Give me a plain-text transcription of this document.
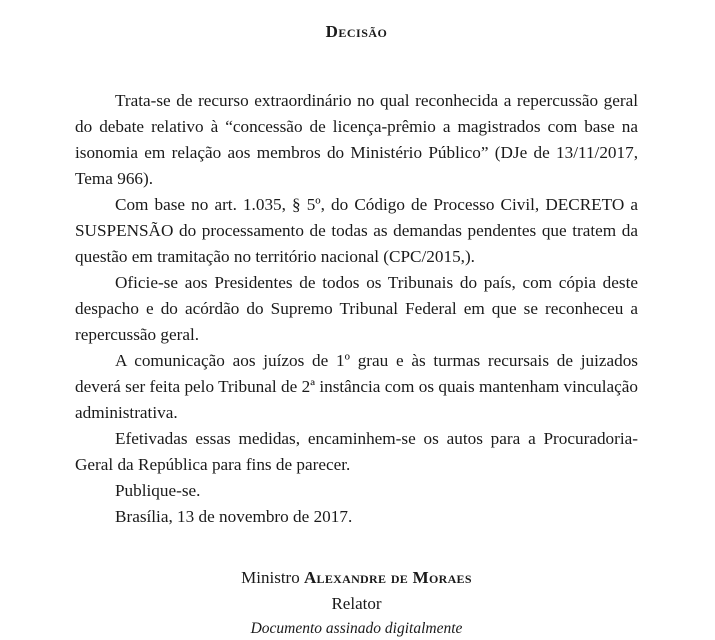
Decisão

Trata-se de recurso extraordinário no qual reconhecida a repercussão geral do debate relativo à “concessão de licença-prêmio a magistrados com base na isonomia em relação aos membros do Ministério Público” (DJe de 13/11/2017, Tema 966).

Com base no art. 1.035, § 5º, do Código de Processo Civil, DECRETO a SUSPENSÃO do processamento de todas as demandas pendentes que tratem da questão em tramitação no território nacional (CPC/2015,).

Oficie-se aos Presidentes de todos os Tribunais do país, com cópia deste despacho e do acórdão do Supremo Tribunal Federal em que se reconheceu a repercussão geral.

A comunicação aos juízos de 1º grau e às turmas recursais de juizados deverá ser feita pelo Tribunal de 2ª instância com os quais mantenham vinculação administrativa.

Efetivadas essas medidas, encaminhem-se os autos para a Procuradoria-Geral da República para fins de parecer.

Publique-se.

Brasília, 13 de novembro de 2017.

Ministro Alexandre de Moraes
Relator
Documento assinado digitalmente
